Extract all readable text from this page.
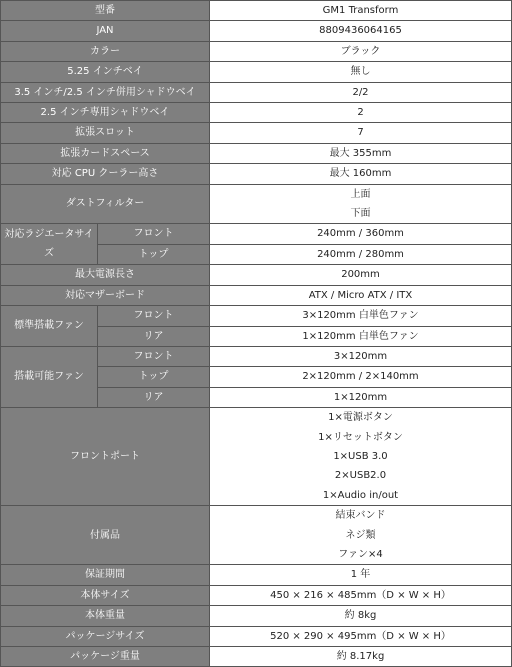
型番		GM1 Transform
JAN		8809436064165
カラー		ブラック
5.25 インチベイ		無し
3.5 インチ/2.5 インチ併用シャドウベイ		2/2
2.5 インチ専用シャドウベイ		2
拡張スロット		7
拡張カードスペース		最大 355mm
対応 CPU クーラー高さ		最大 160mm
ダストフィルター		上面
下面

対応ラジエータサイズ	フロント	240mm / 360mm
	トップ	240mm / 280mm
最大電源長さ		200mm
対応マザーボード		ATX / Micro ATX / ITX
標準搭載ファン	フロント	3×120mm 白単色ファン
	リア	1×120mm 白単色ファン
搭載可能ファン	フロント	3×120mm
	トップ	2×120mm / 2×140mm
	リア	1×120mm
フロントポート		1×電源ボタン
1×リセットボタン
1×USB 3.0
2×USB2.0
1×Audio in/out

付属品		結束バンド
ネジ類
ファン×4

保証期間		1 年
本体サイズ		450 × 216 × 485mm（D × W × H）
本体重量		約 8kg
パッケージサイズ		520 × 290 × 495mm（D × W × H）
パッケージ重量		約 8.17kg
